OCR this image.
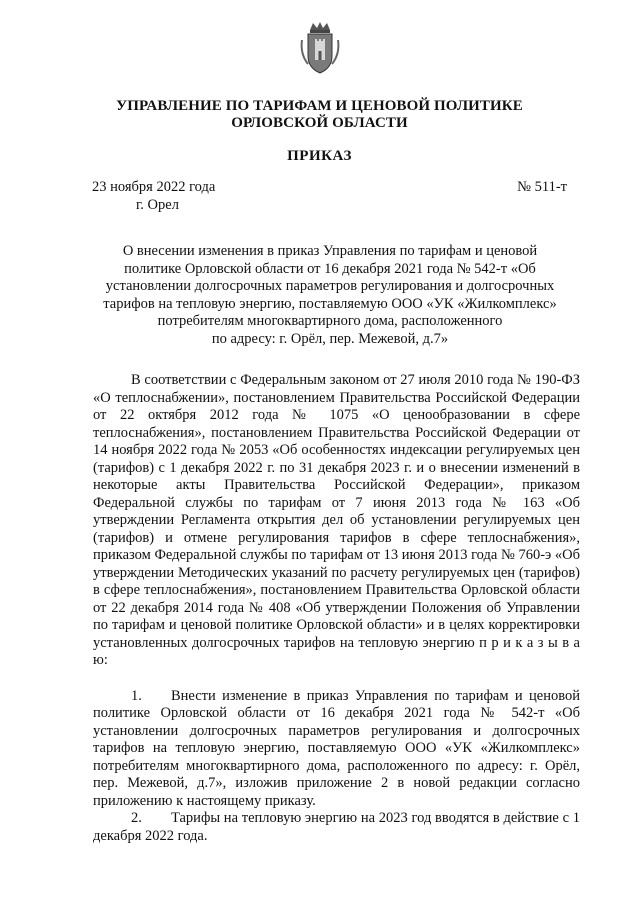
УПРАВЛЕНИЕ ПО ТАРИФАМ И ЦЕНОВОЙ ПОЛИТИКЕ
ОРЛОВСКОЙ ОБЛАСТИ
ПРИКАЗ
23 ноября 2022 года
г. Орел
№ 511-т
О внесении изменения в приказ Управления по тарифам и ценовой
политике Орловской области от 16 декабря 2021 года № 542-т «Об
установлении долгосрочных параметров регулирования и долгосрочных
тарифов на тепловую энергию, поставляемую ООО «УК «Жилкомплекс»
потребителям многоквартирного дома, расположенного
по адресу: г. Орёл, пер. Межевой, д.7»

В соответствии с Федеральным законом от 27 июля 2010 года № 190-ФЗ «О теплоснабжении», постановлением Правительства Российской Федерации от 22 октября 2012 года № 1075 «О ценообразовании в сфере теплоснабжения», постановлением Правительства Российской Федерации от 14 ноября 2022 года № 2053 «Об особенностях индексации регулируемых цен (тарифов) с 1 декабря 2022 г. по 31 декабря 2023 г. и о внесении изменений в некоторые акты Правительства Российской Федерации», приказом Федеральной службы по тарифам от 7 июня 2013 года № 163 «Об утверждении Регламента открытия дел об установлении регулируемых цен (тарифов) и отмене регулирования тарифов в сфере теплоснабжения», приказом Федеральной службы по тарифам от 13 июня 2013 года № 760-э «Об утверждении Методических указаний по расчету регулируемых цен (тарифов) в сфере теплоснабжения», постановлением Правительства Орловской области от 22 декабря 2014 года № 408 «Об утверждении Положения об Управлении по тарифам и ценовой политике Орловской области» и в целях корректировки установленных долгосрочных тарифов на тепловую энергию п р и к а з ы в а ю:

1. Внести изменение в приказ Управления по тарифам и ценовой политике Орловской области от 16 декабря 2021 года № 542-т «Об установлении долгосрочных параметров регулирования и долгосрочных тарифов на тепловую энергию, поставляемую ООО «УК «Жилкомплекс» потребителям многоквартирного дома, расположенного по адресу: г. Орёл, пер. Межевой, д.7», изложив приложение 2 в новой редакции согласно приложению к настоящему приказу.

2. Тарифы на тепловую энергию на 2023 год вводятся в действие с 1 декабря 2022 года.
